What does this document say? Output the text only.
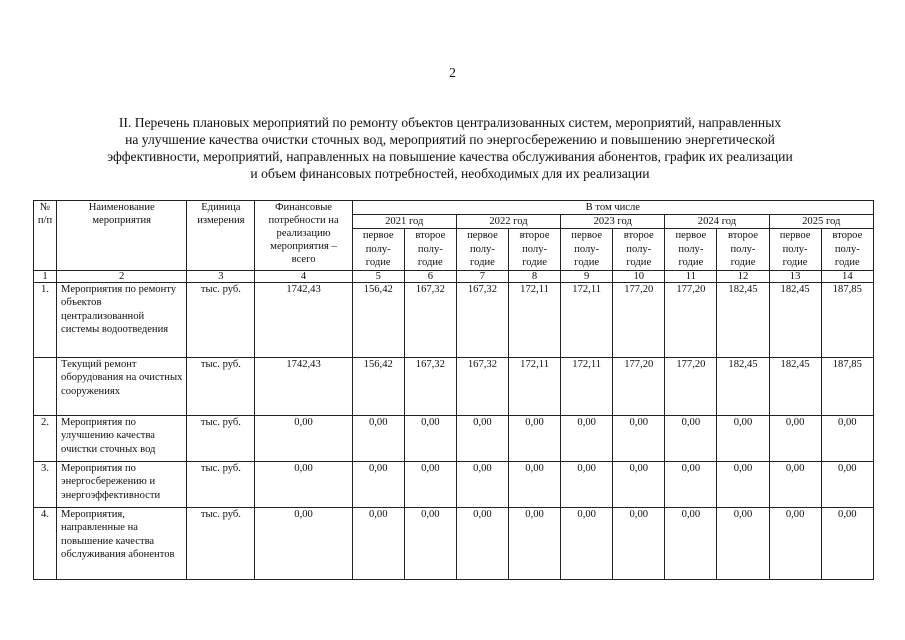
2
II. Перечень плановых мероприятий по ремонту объектов централизованных систем, мероприятий, направленных
на улучшение качества очистки сточных вод, мероприятий по энергосбережению и повышению энергетической
эффективности, мероприятий, направленных на повышение качества обслуживания абонентов, график их реализации
и объем финансовых потребностей, необходимых для их реализации
№ п/п	Наименование мероприятия	Единица измерения	Финансовые потребности на реализацию мероприятия – всего	В том числе									
				2021 год		2022 год		2023 год		2024 год		2025 год	
				первое полу-годие	второе полу-годие	первое полу-годие	второе полу-годие	первое полу-годие	второе полу-годие	первое полу-годие	второе полу-годие	первое полу-годие	второе полу-годие
1	2	3	4	5	6	7	8	9	10	11	12	13	14
1.	Мероприятия по ремонту объектов централизованной системы водоотведения	тыс. руб.	1742,43	156,42	167,32	167,32	172,11	172,11	177,20	177,20	182,45	182,45	187,85
	Текущий ремонт оборудования на очистных сооружениях	тыс. руб.	1742,43	156,42	167,32	167,32	172,11	172,11	177,20	177,20	182,45	182,45	187,85
2.	Мероприятия по улучшению качества очистки сточных вод	тыс. руб.	0,00	0,00	0,00	0,00	0,00	0,00	0,00	0,00	0,00	0,00	0,00
3.	Мероприятия по энергосбережению и энергоэффективности	тыс. руб.	0,00	0,00	0,00	0,00	0,00	0,00	0,00	0,00	0,00	0,00	0,00
4.	Мероприятия, направленные на повышение качества обслуживания абонентов	тыс. руб.	0,00	0,00	0,00	0,00	0,00	0,00	0,00	0,00	0,00	0,00	0,00
